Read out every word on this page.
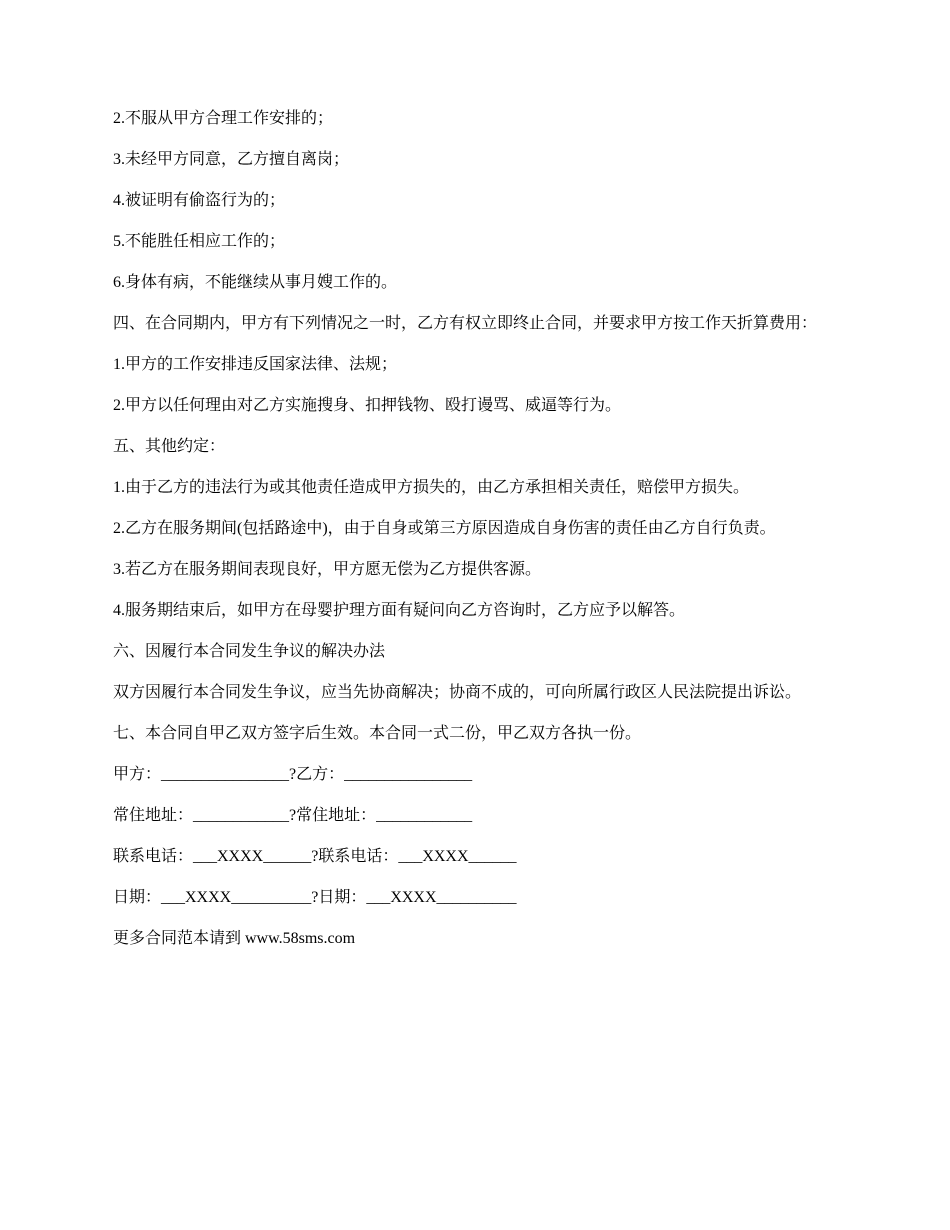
2.不服从甲方合理工作安排的；

3.未经甲方同意，乙方擅自离岗；

4.被证明有偷盗行为的；

5.不能胜任相应工作的；

6.身体有病，不能继续从事月嫂工作的。

四、在合同期内，甲方有下列情况之一时，乙方有权立即终止合同，并要求甲方按工作天折算费用：

1.甲方的工作安排违反国家法律、法规；

2.甲方以任何理由对乙方实施搜身、扣押钱物、殴打谩骂、威逼等行为。

五、其他约定：

1.由于乙方的违法行为或其他责任造成甲方损失的，由乙方承担相关责任，赔偿甲方损失。

2.乙方在服务期间(包括路途中)，由于自身或第三方原因造成自身伤害的责任由乙方自行负责。

3.若乙方在服务期间表现良好，甲方愿无偿为乙方提供客源。

4.服务期结束后，如甲方在母婴护理方面有疑问向乙方咨询时，乙方应予以解答。

六、因履行本合同发生争议的解决办法

双方因履行本合同发生争议，应当先协商解决；协商不成的，可向所属行政区人民法院提出诉讼。

七、本合同自甲乙双方签字后生效。本合同一式二份，甲乙双方各执一份。

甲方：________________?乙方：________________

常住地址：____________?常住地址：____________

联系电话：___XXXX______?联系电话：___XXXX______

日期：___XXXX__________?日期：___XXXX__________

更多合同范本请到 www.58sms.com
